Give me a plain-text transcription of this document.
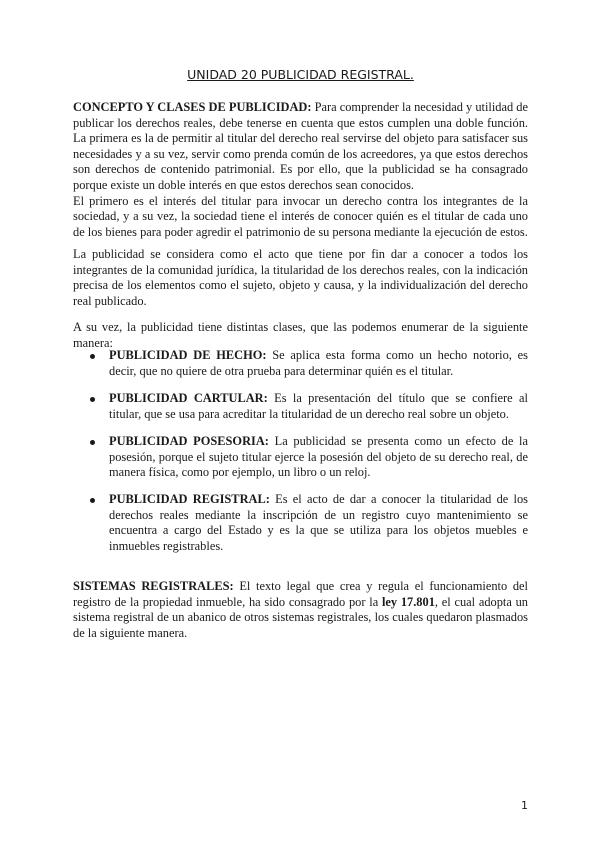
UNIDAD 20 PUBLICIDAD REGISTRAL.

CONCEPTO Y CLASES DE PUBLICIDAD: Para comprender la necesidad y utilidad de publicar los derechos reales, debe tenerse en cuenta que estos cumplen una doble función. La primera es la de permitir al titular del derecho real servirse del objeto para satisfacer sus necesidades y a su vez, servir como prenda común de los acreedores, ya que estos derechos son derechos de contenido patrimonial. Es por ello, que la publicidad se ha consagrado porque existe un doble interés en que estos derechos sean conocidos.
El primero es el interés del titular para invocar un derecho contra los integrantes de la sociedad, y a su vez, la sociedad tiene el interés de conocer quién es el titular de cada uno de los bienes para poder agredir el patrimonio de su persona mediante la ejecución de estos.

La publicidad se considera como el acto que tiene por fin dar a conocer a todos los integrantes de la comunidad jurídica, la titularidad de los derechos reales, con la indicación precisa de los elementos como el sujeto, objeto y causa, y la individualización del derecho real publicado.

A su vez, la publicidad tiene distintas clases, que las podemos enumerar de la siguiente manera:

PUBLICIDAD DE HECHO: Se aplica esta forma como un hecho notorio, es decir, que no quiere de otra prueba para determinar quién es el titular.

PUBLICIDAD CARTULAR: Es la presentación del título que se confiere al titular, que se usa para acreditar la titularidad de un derecho real sobre un objeto.

PUBLICIDAD POSESORIA: La publicidad se presenta como un efecto de la posesión, porque el sujeto titular ejerce la posesión del objeto de su derecho real, de manera física, como por ejemplo, un libro o un reloj.

PUBLICIDAD REGISTRAL: Es el acto de dar a conocer la titularidad de los derechos reales mediante la inscripción de un registro cuyo mantenimiento se encuentra a cargo del Estado y es la que se utiliza para los objetos muebles e inmuebles registrables.

SISTEMAS REGISTRALES: El texto legal que crea y regula el funcionamiento del registro de la propiedad inmueble, ha sido consagrado por la ley 17.801, el cual adopta un sistema registral de un abanico de otros sistemas registrales, los cuales quedaron plasmados de la siguiente manera.

1
